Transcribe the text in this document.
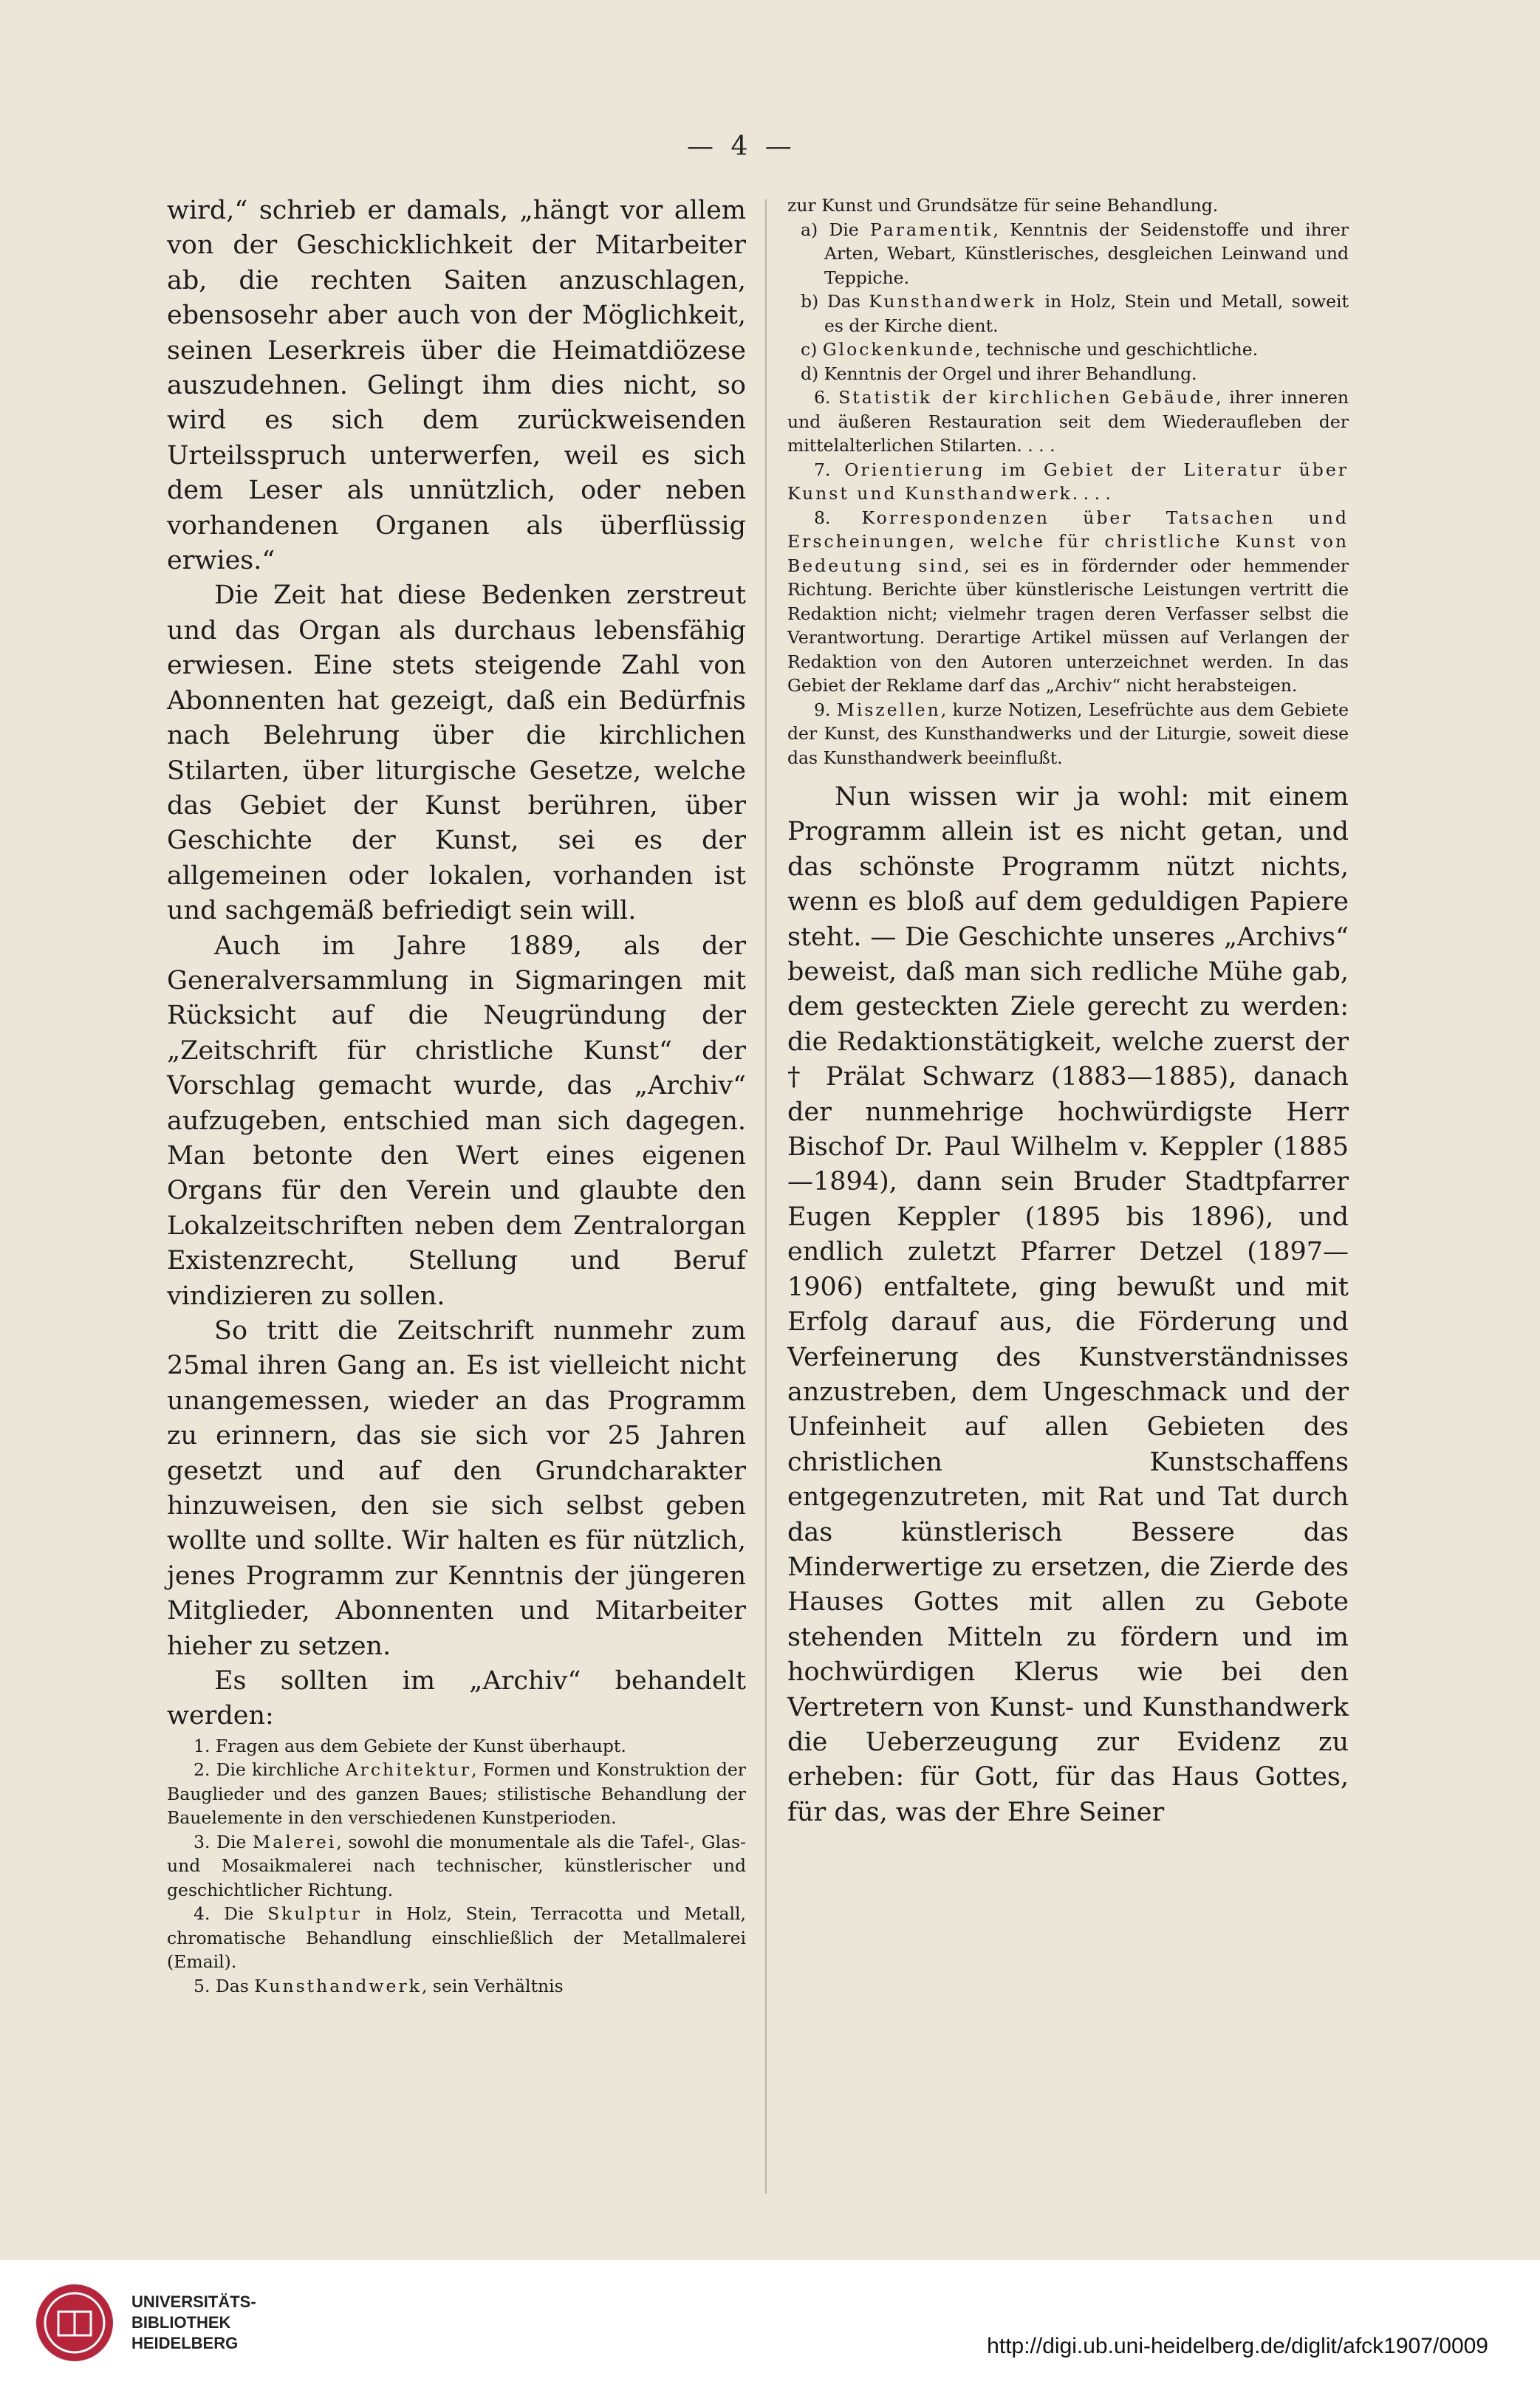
— 4 —

wird,“ schrieb er damals, „hängt vor allem von der Geschicklichkeit der Mitarbeiter ab, die rechten Saiten anzuschlagen, ebensosehr aber auch von der Möglichkeit, seinen Leserkreis über die Heimatdiözese auszudehnen. Gelingt ihm dies nicht, so wird es sich dem zurückweisenden Urteilsspruch unterwerfen, weil es sich dem Leser als unnützlich, oder neben vorhandenen Organen als überflüssig erwies.“

Die Zeit hat diese Bedenken zerstreut und das Organ als durchaus lebensfähig erwiesen. Eine stets steigende Zahl von Abonnenten hat gezeigt, daß ein Bedürfnis nach Belehrung über die kirchlichen Stilarten, über liturgische Gesetze, welche das Gebiet der Kunst berühren, über Geschichte der Kunst, sei es der allgemeinen oder lokalen, vorhanden ist und sachgemäß befriedigt sein will.

Auch im Jahre 1889, als der Generalversammlung in Sigmaringen mit Rücksicht auf die Neugründung der „Zeitschrift für christliche Kunst“ der Vorschlag gemacht wurde, das „Archiv“ aufzugeben, entschied man sich dagegen. Man betonte den Wert eines eigenen Organs für den Verein und glaubte den Lokalzeitschriften neben dem Zentralorgan Existenzrecht, Stellung und Beruf vindizieren zu sollen.

So tritt die Zeitschrift nunmehr zum 25mal ihren Gang an. Es ist vielleicht nicht unangemessen, wieder an das Programm zu erinnern, das sie sich vor 25 Jahren gesetzt und auf den Grundcharakter hinzuweisen, den sie sich selbst geben wollte und sollte. Wir halten es für nützlich, jenes Programm zur Kenntnis der jüngeren Mitglieder, Abonnenten und Mitarbeiter hieher zu setzen.

Es sollten im „Archiv“ behandelt werden:

1. Fragen aus dem Gebiete der Kunst überhaupt.

2. Die kirchliche Architektur, Formen und Konstruktion der Bauglieder und des ganzen Baues; stilistische Behandlung der Bauelemente in den verschiedenen Kunstperioden.

3. Die Malerei, sowohl die monumentale als die Tafel-, Glas- und Mosaikmalerei nach technischer, künstlerischer und geschichtlicher Richtung.

4. Die Skulptur in Holz, Stein, Terracotta und Metall, chromatische Behandlung einschließlich der Metallmalerei (Email).

5. Das Kunsthandwerk, sein Verhältnis

zur Kunst und Grundsätze für seine Behandlung.

a) Die Paramentik, Kenntnis der Seidenstoffe und ihrer Arten, Webart, Künstlerisches, desgleichen Leinwand und Teppiche.

b) Das Kunsthandwerk in Holz, Stein und Metall, soweit es der Kirche dient.

c) Glockenkunde, technische und geschichtliche.

d) Kenntnis der Orgel und ihrer Behandlung.

6. Statistik der kirchlichen Gebäude, ihrer inneren und äußeren Restauration seit dem Wiederaufleben der mittelalterlichen Stilarten. . . .

7. Orientierung im Gebiet der Literatur über Kunst und Kunsthandwerk. . . .

8. Korrespondenzen über Tatsachen und Erscheinungen, welche für christliche Kunst von Bedeutung sind, sei es in fördernder oder hemmender Richtung. Berichte über künstlerische Leistungen vertritt die Redaktion nicht; vielmehr tragen deren Verfasser selbst die Verantwortung. Derartige Artikel müssen auf Verlangen der Redaktion von den Autoren unterzeichnet werden. In das Gebiet der Reklame darf das „Archiv“ nicht herabsteigen.

9. Miszellen, kurze Notizen, Lesefrüchte aus dem Gebiete der Kunst, des Kunsthandwerks und der Liturgie, soweit diese das Kunsthandwerk beeinflußt.

Nun wissen wir ja wohl: mit einem Programm allein ist es nicht getan, und das schönste Programm nützt nichts, wenn es bloß auf dem geduldigen Papiere steht. — Die Geschichte unseres „Archivs“ beweist, daß man sich redliche Mühe gab, dem gesteckten Ziele gerecht zu werden: die Redaktionstätigkeit, welche zuerst der † Prälat Schwarz (1883—1885), danach der nunmehrige hochwürdigste Herr Bischof Dr. Paul Wilhelm v. Keppler (1885—1894), dann sein Bruder Stadtpfarrer Eugen Keppler (1895 bis 1896), und endlich zuletzt Pfarrer Detzel (1897—1906) entfaltete, ging bewußt und mit Erfolg darauf aus, die Förderung und Verfeinerung des Kunstverständnisses anzustreben, dem Ungeschmack und der Unfeinheit auf allen Gebieten des christlichen Kunstschaffens entgegenzutreten, mit Rat und Tat durch das künstlerisch Bessere das Minderwertige zu ersetzen, die Zierde des Hauses Gottes mit allen zu Gebote stehenden Mitteln zu fördern und im hochwürdigen Klerus wie bei den Vertretern von Kunst- und Kunsthandwerk die Ueberzeugung zur Evidenz zu erheben: für Gott, für das Haus Gottes, für das, was der Ehre Seiner

UNIVERSITÄTS-
BIBLIOTHEK
HEIDELBERG	http://digi.ub.uni-heidelberg.de/diglit/afck1907/0009
